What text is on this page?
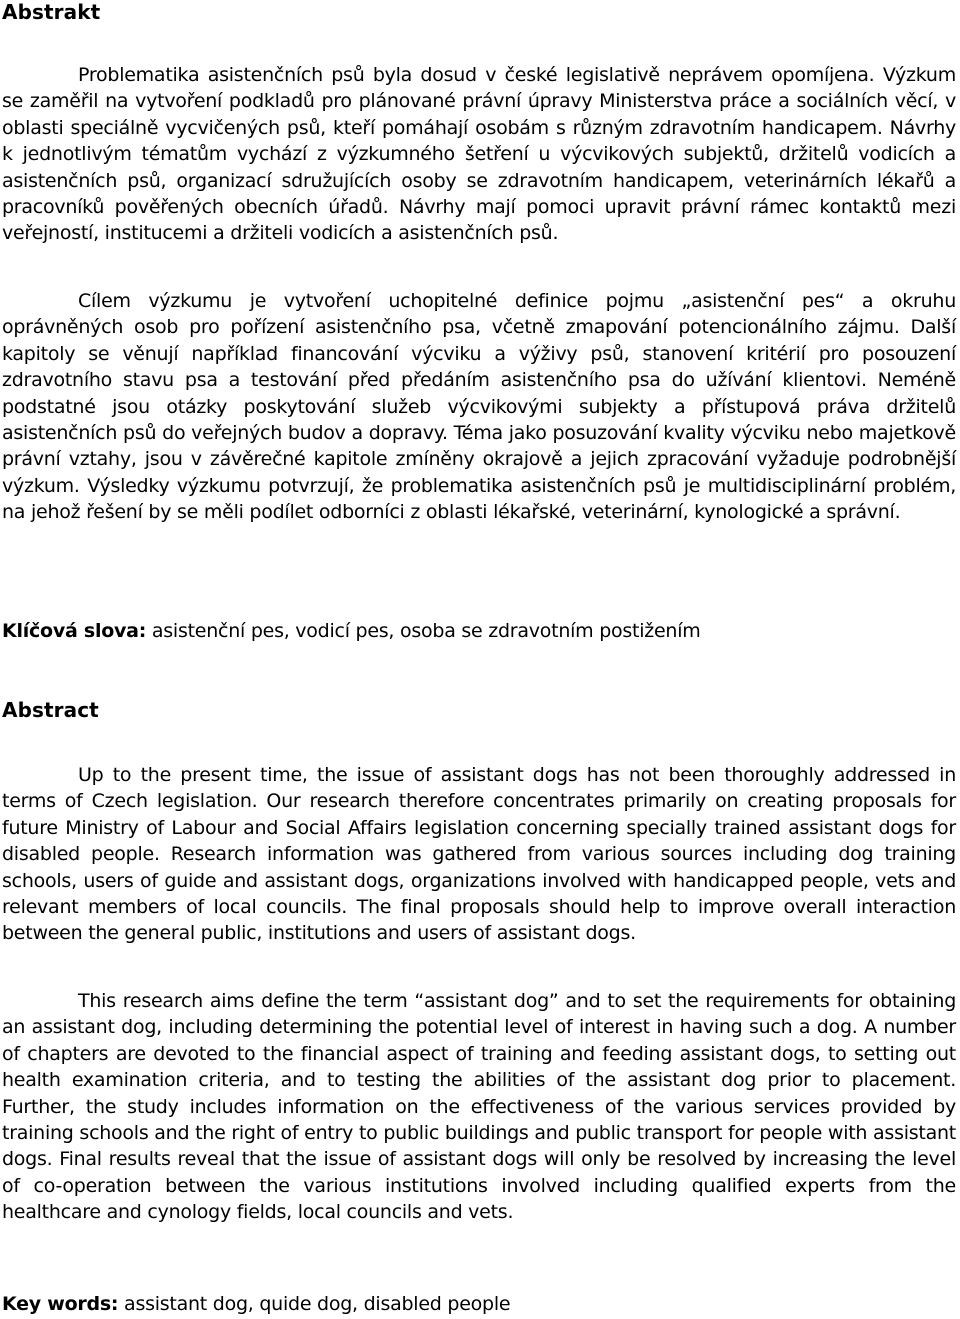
Abstrakt

Problematika asistenčních psů byla dosud v české legislativě neprávem opomíjena. Výzkum se zaměřil na vytvoření podkladů pro plánované právní úpravy Ministerstva práce a sociálních věcí, v oblasti speciálně vycvičených psů, kteří pomáhají osobám s různým zdravotním handicapem. Návrhy k jednotlivým tématům vychází z výzkumného šetření u výcvikových subjektů, držitelů vodicích a asistenčních psů, organizací sdružujících osoby se zdravotním handicapem, veterinárních lékařů a pracovníků pověřených obecních úřadů. Návrhy mají pomoci upravit právní rámec kontaktů mezi veřejností, institucemi a držiteli vodicích a asistenčních psů.

Cílem výzkumu je vytvoření uchopitelné definice pojmu „asistenční pes“ a okruhu oprávněných osob pro pořízení asistenčního psa, včetně zmapování potencionálního zájmu. Další kapitoly se věnují například financování výcviku a výživy psů, stanovení kritérií pro posouzení zdravotního stavu psa a testování před předáním asistenčního psa do užívání klientovi. Neméně podstatné jsou otázky poskytování služeb výcvikovými subjekty a přístupová práva držitelů asistenčních psů do veřejných budov a dopravy. Téma jako posuzování kvality výcviku nebo majetkově právní vztahy, jsou v závěrečné kapitole zmíněny okrajově a jejich zpracování vyžaduje podrobnější výzkum. Výsledky výzkumu potvrzují, že problematika asistenčních psů je multidisciplinární problém, na jehož řešení by se měli podílet odborníci z oblasti lékařské, veterinární, kynologické a správní.

Klíčová slova: asistenční pes, vodicí pes, osoba se zdravotním postižením

Abstract

Up to the present time, the issue of assistant dogs has not been thoroughly addressed in terms of Czech legislation. Our research therefore concentrates primarily on creating proposals for future Ministry of Labour and Social Affairs legislation concerning specially trained assistant dogs for disabled people. Research information was gathered from various sources including dog training schools, users of guide and assistant dogs, organizations involved with handicapped people, vets and relevant members of local councils. The final proposals should help to improve overall interaction between the general public, institutions and users of assistant dogs.

This research aims define the term “assistant dog” and to set the requirements for obtaining an assistant dog, including determining the potential level of interest in having such a dog. A number of chapters are devoted to the financial aspect of training and feeding assistant dogs, to setting out health examination criteria, and to testing the abilities of the assistant dog prior to placement. Further, the study includes information on the effectiveness of the various services provided by training schools and the right of entry to public buildings and public transport for people with assistant dogs. Final results reveal that the issue of assistant dogs will only be resolved by increasing the level of co-operation between the various institutions involved including qualified experts from the healthcare and cynology fields, local councils and vets.

Key words: assistant dog, quide dog, disabled people
